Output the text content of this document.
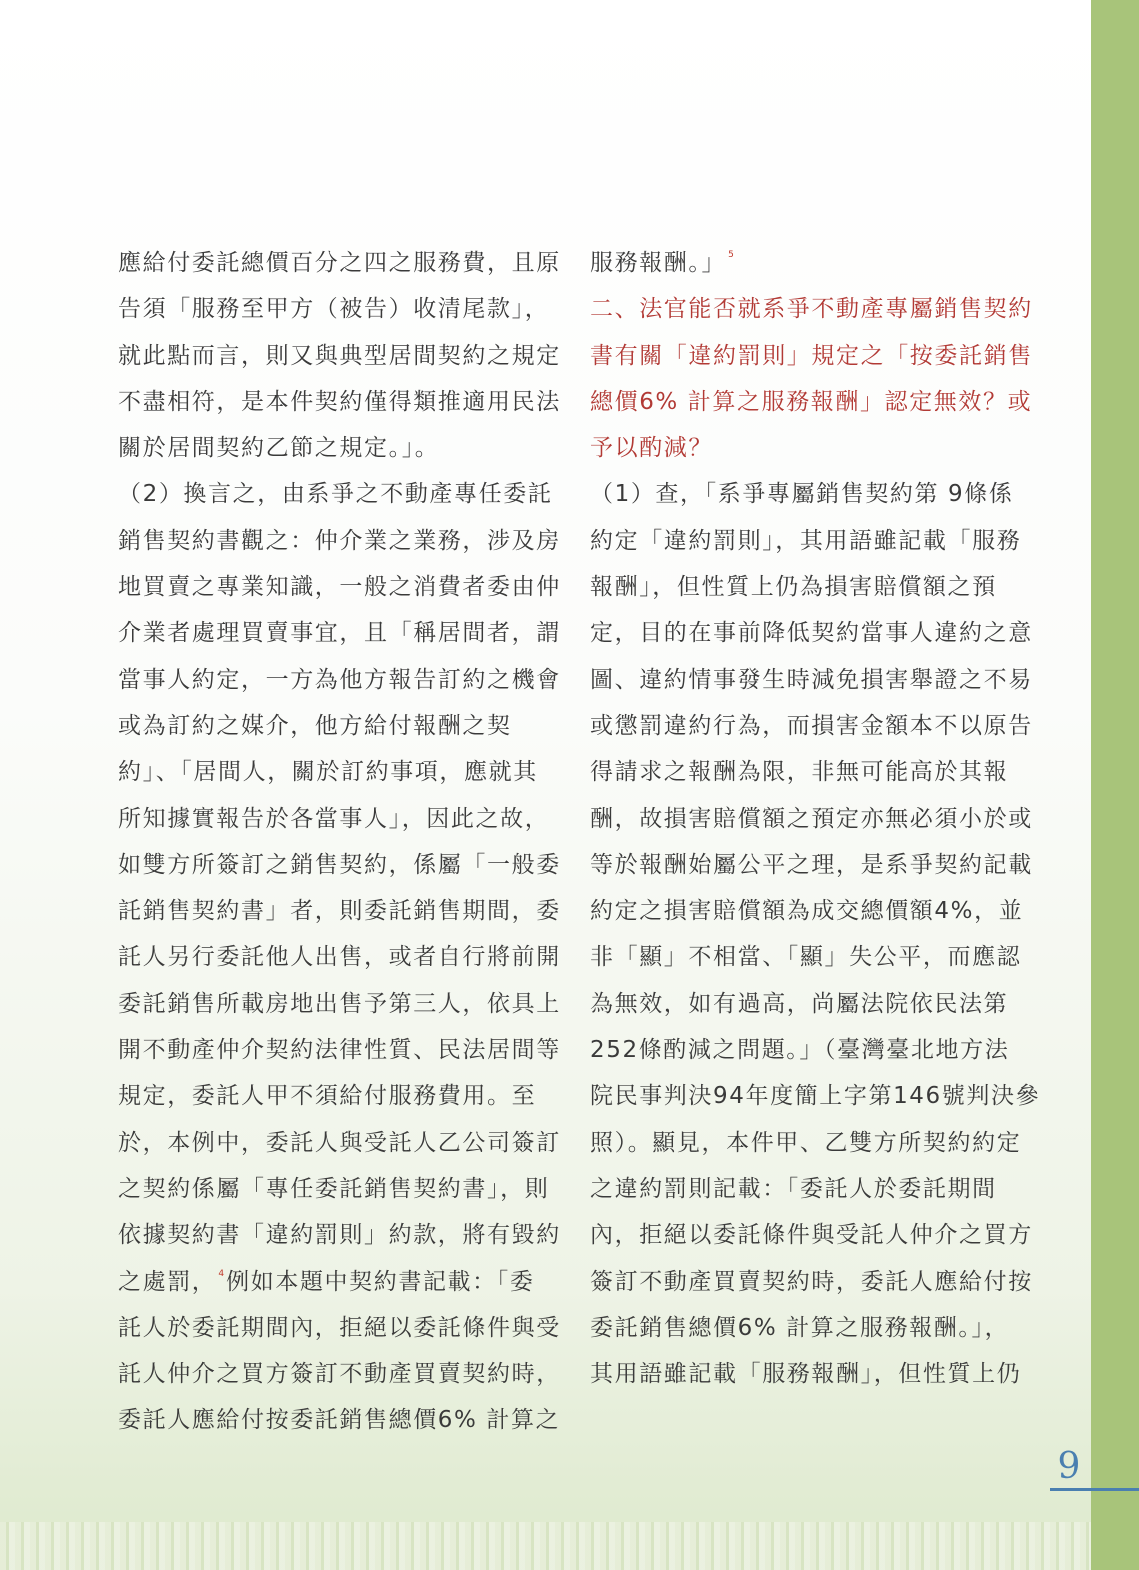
應給付委託總價百分之四之服務費，且原

告須「服務至甲方（被告）收清尾款」，

就此點而言，則又與典型居間契約之規定

不盡相符，是本件契約僅得類推適用民法

關於居間契約乙節之規定。」。

（2）換言之，由系爭之不動產專任委託

銷售契約書觀之：仲介業之業務，涉及房

地買賣之專業知識，一般之消費者委由仲

介業者處理買賣事宜，且「稱居間者，謂

當事人約定，一方為他方報告訂約之機會

或為訂約之媒介，他方給付報酬之契

約」、「居間人，關於訂約事項，應就其

所知據實報告於各當事人」，因此之故，

如雙方所簽訂之銷售契約，係屬「一般委

託銷售契約書」者，則委託銷售期間，委

託人另行委託他人出售，或者自行將前開

委託銷售所載房地出售予第三人，依具上

開不動產仲介契約法律性質、民法居間等

規定，委託人甲不須給付服務費用。至

於，本例中，委託人與受託人乙公司簽訂

之契約係屬「專任委託銷售契約書」，則

依據契約書「違約罰則」約款，將有毀約

之處罰， $^4$例如本題中契約書記載：「委

託人於委託期間內，拒絕以委託條件與受

託人仲介之買方簽訂不動產買賣契約時，

委託人應給付按委託銷售總價6% 計算之

服務報酬。」 $^5$

二、法官能否就系爭不動產專屬銷售契約

書有關「違約罰則」規定之「按委託銷售

總價6% 計算之服務報酬」認定無效？或

予以酌減？

（1）查，「系爭專屬銷售契約第 9條係

約定「違約罰則」，其用語雖記載「服務

報酬」，但性質上仍為損害賠償額之預

定，目的在事前降低契約當事人違約之意

圖、違約情事發生時減免損害舉證之不易

或懲罰違約行為，而損害金額本不以原告

得請求之報酬為限，非無可能高於其報

酬，故損害賠償額之預定亦無必須小於或

等於報酬始屬公平之理，是系爭契約記載

約定之損害賠償額為成交總價額4%，並

非「顯」不相當、「顯」失公平，而應認

為無效，如有過高，尚屬法院依民法第

252條酌減之問題。」（臺灣臺北地方法

院民事判決94年度簡上字第146號判決參

照）。顯見，本件甲、乙雙方所契約約定

之違約罰則記載：「委託人於委託期間

內，拒絕以委託條件與受託人仲介之買方

簽訂不動產買賣契約時，委託人應給付按

委託銷售總價6% 計算之服務報酬。」，

其用語雖記載「服務報酬」，但性質上仍

9
